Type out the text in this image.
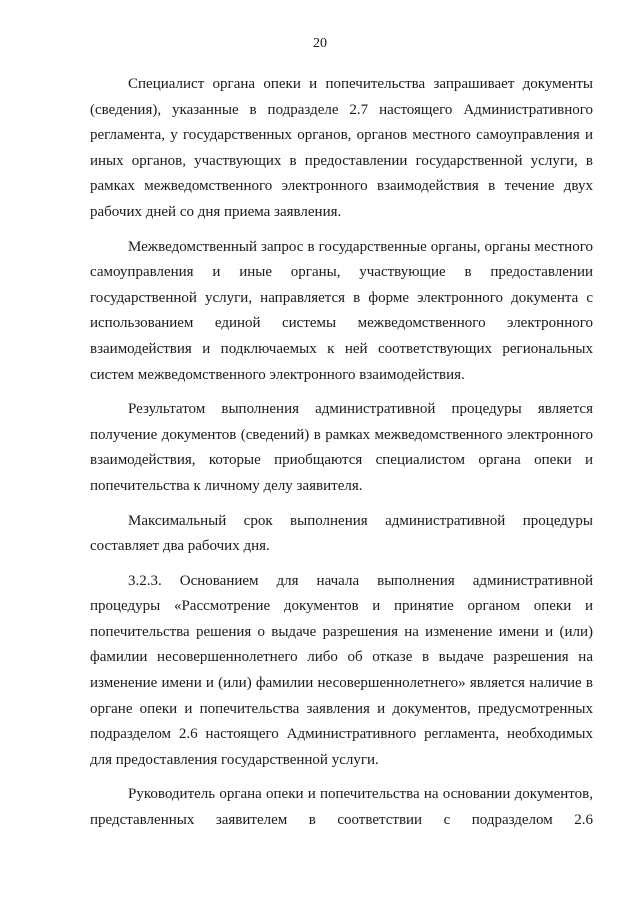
20

Специалист органа опеки и попечительства запрашивает документы (сведения), указанные в подразделе 2.7 настоящего Административного регламента, у государственных органов, органов местного самоуправления и иных органов, участвующих в предоставлении государственной услуги, в рамках межведомственного электронного взаимодействия в течение двух рабочих дней со дня приема заявления.

Межведомственный запрос в государственные органы, органы местного самоуправления и иные органы, участвующие в предоставлении государственной услуги, направляется в форме электронного документа с использованием единой системы межведомственного электронного взаимодействия и подключаемых к ней соответствующих региональных систем межведомственного электронного взаимодействия.

Результатом выполнения административной процедуры является получение документов (сведений) в рамках межведомственного электронного взаимодействия, которые приобщаются специалистом органа опеки и попечительства к личному делу заявителя.

Максимальный срок выполнения административной процедуры составляет два рабочих дня.

3.2.3. Основанием для начала выполнения административной процедуры «Рассмотрение документов и принятие органом опеки и попечительства решения о выдаче разрешения на изменение имени и (или) фамилии несовершеннолетнего либо об отказе в выдаче разрешения на изменение имени и (или) фамилии несовершеннолетнего» является наличие в органе опеки и попечительства заявления и документов, предусмотренных подразделом 2.6 настоящего Административного регламента, необходимых для предоставления государственной услуги.

Руководитель органа опеки и попечительства на основании документов, представленных заявителем в соответствии с подразделом 2.6
